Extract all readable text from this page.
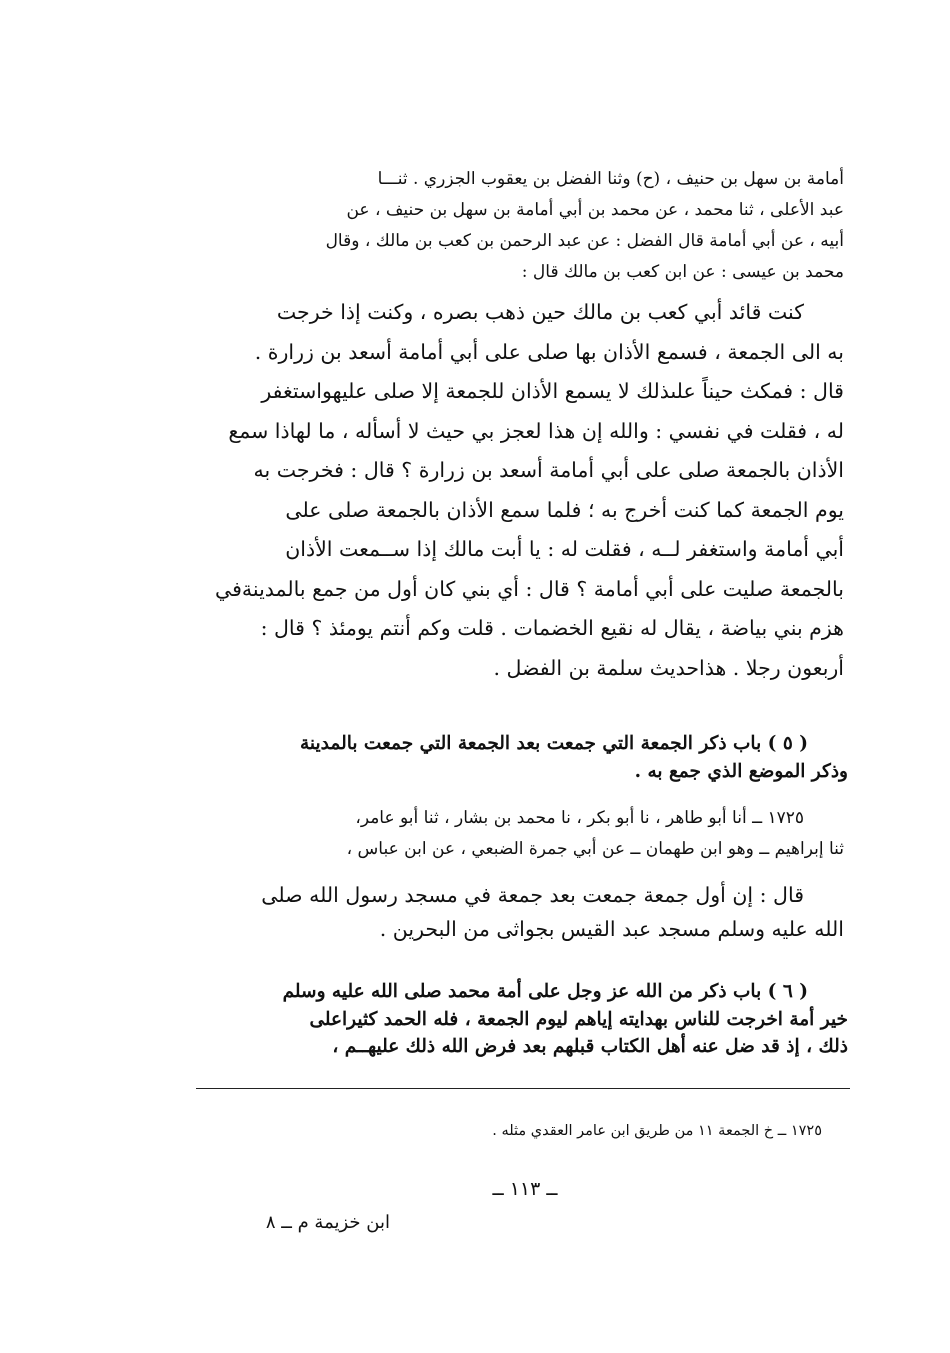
أمامة بن سهل بن حنيف ، (ح) وثنا الفضل بن يعقوب الجزري . ثنـــا
عبد الأعلى ، ثنا محمد ، عن محمد بن أبي أمامة بن سهل بن حنيف ، عن
أبيه ، عن أبي أمامة قال الفضل : عن عبد الرحمن بن كعب بن مالك ، وقال
محمد بن عيسى : عن ابن كعب بن مالك قال :
كنت قائد أبي كعب بن مالك حين ذهب بصره ، وكنت إذا خرجت
به الى الجمعة ، فسمع الأذان بها صلى على أبي أمامة أسعد بن زرارة .
قال : فمكث حيناً علىذلك لا يسمع الأذان للجمعة إلا صلى عليهواستغفر
له ، فقلت في نفسي : والله إن هذا لعجز بي حيث لا أسأله ، ما لهاذا سمع
الأذان بالجمعة صلى على أبي أمامة أسعد بن زرارة ؟ قال : فخرجت به
يوم الجمعة كما كنت أخرج به ؛ فلما سمع الأذان بالجمعة صلى على
أبي أمامة واستغفر لــه ، فقلت له : يا أبت مالك إذا ســمعت الأذان
بالجمعة صليت على أبي أمامة ؟ قال : أي بني كان أول من جمع بالمدينةفي
هزم بني بياضة ، يقال له نقيع الخضمات . قلت وكم أنتم يومئذ ؟ قال :
أربعون رجلا . هذاحديث سلمة بن الفضل .
( ٥ ) باب ذكر الجمعة التي جمعت بعد الجمعة التي جمعت بالمدينة
وذكر الموضع الذي جمع به .
١٧٢٥ ــ أنا أبو طاهر ، نا أبو بكر ، نا محمد بن بشار ، ثنا أبو عامر،
ثنا إبراهيم ــ وهو ابن طهمان ــ عن أبي جمرة الضبعي ، عن ابن عباس ،
قال : إن أول جمعة جمعت بعد جمعة في مسجد رسول الله صلى
الله عليه وسلم مسجد عبد القيس بجواثى من البحرين .
( ٦ ) باب ذكر من الله عز وجل على أمة محمد صلى الله عليه وسلم
خير أمة اخرجت للناس بهدايته إياهم ليوم الجمعة ، فله الحمد كثيراعلى
ذلك ، إذ قد ضل عنه أهل الكتاب قبلهم بعد فرض الله ذلك عليهــم ،
١٧٢٥ ــ خ الجمعة ١١ من طريق ابن عامر العقدي مثله .
ــ ١١٣ ــ
ابن خزيمة م ــ ٨
